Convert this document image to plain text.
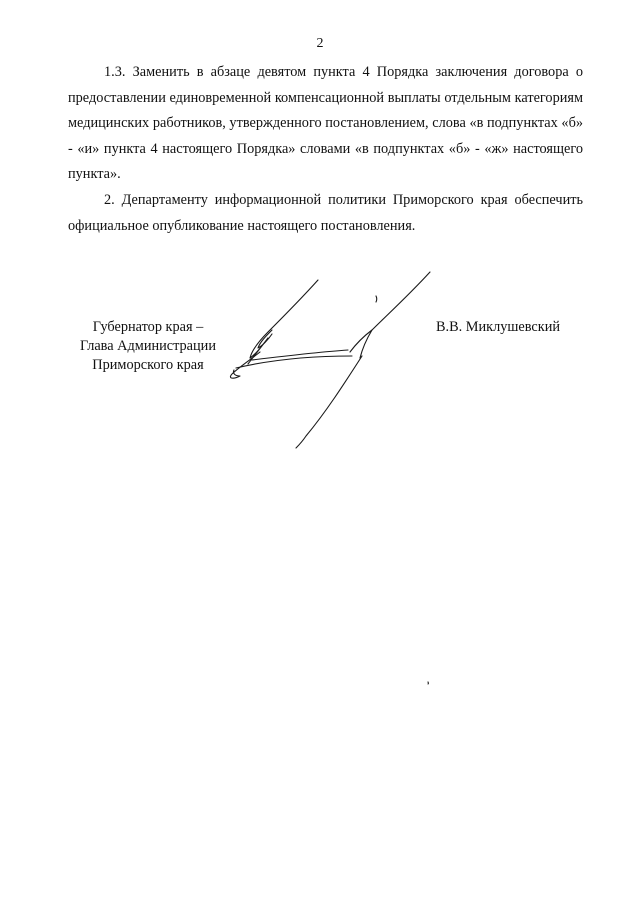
2

1.3. Заменить в абзаце девятом пункта 4 Порядка заключения договора о предоставлении единовременной компенсационной выплаты отдельным категориям медицинских работников, утвержденного постановлением, слова «в подпунктах «б» - «и» пункта 4 настоящего Порядка» словами «в подпунктах «б» - «ж» настоящего пункта».

2. Департаменту информационной политики Приморского края обеспечить официальное опубликование настоящего постановления.

Губернатор края –
Глава Администрации
Приморского края
В.В. Миклушевский
